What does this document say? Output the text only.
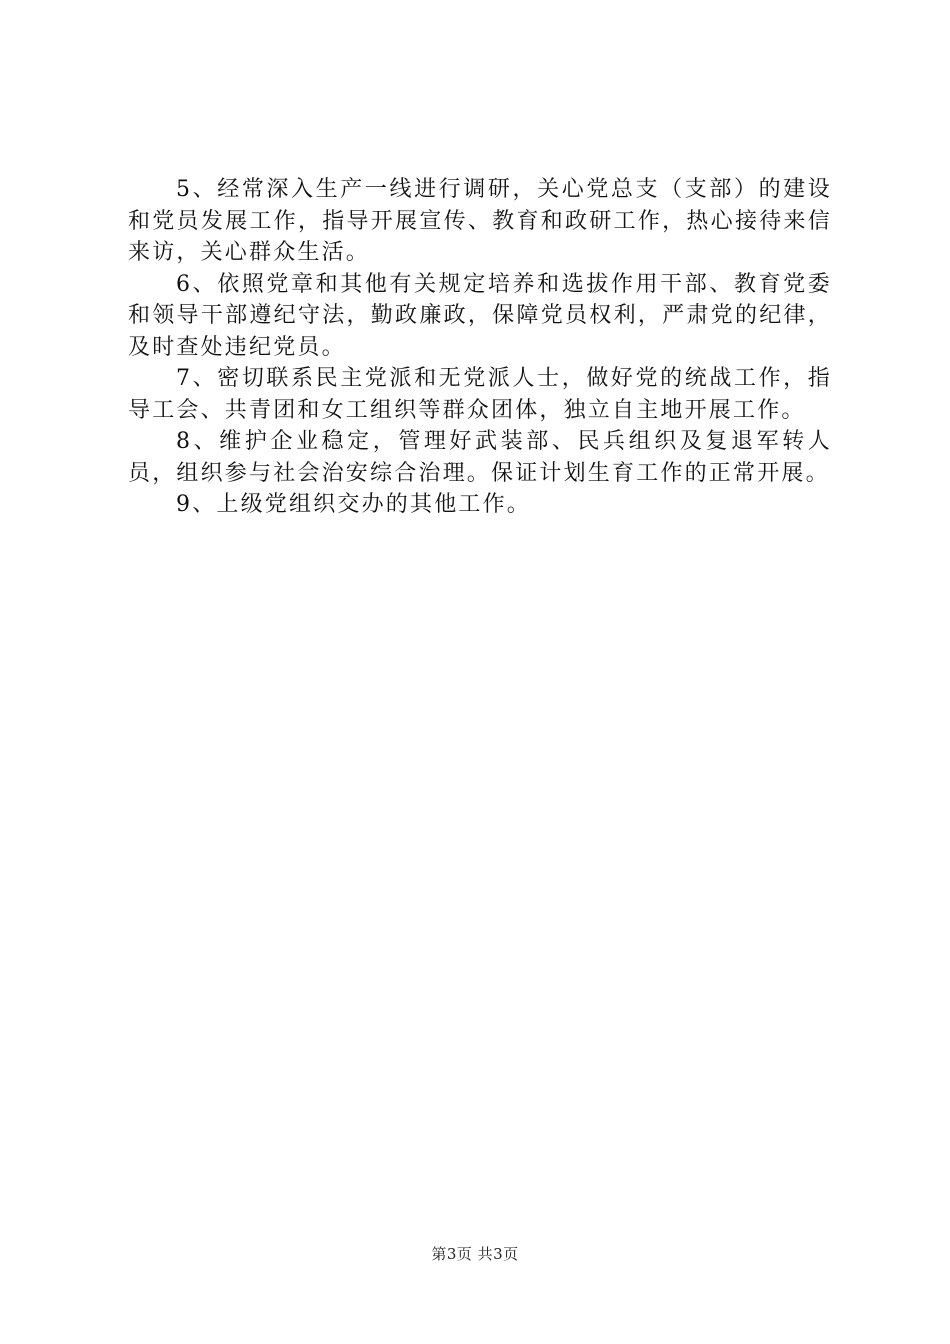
5、经常深入生产一线进行调研，关心党总支（支部）的建设和党员发展工作，指导开展宣传、教育和政研工作，热心接待来信来访，关心群众生活。

6、依照党章和其他有关规定培养和选拔作用干部、教育党委和领导干部遵纪守法，勤政廉政，保障党员权利，严肃党的纪律，及时查处违纪党员。

7、密切联系民主党派和无党派人士，做好党的统战工作，指导工会、共青团和女工组织等群众团体，独立自主地开展工作。

8、维护企业稳定，管理好武装部、民兵组织及复退军转人员，组织参与社会治安综合治理。保证计划生育工作的正常开展。

9、上级党组织交办的其他工作。

第3页 共3页
